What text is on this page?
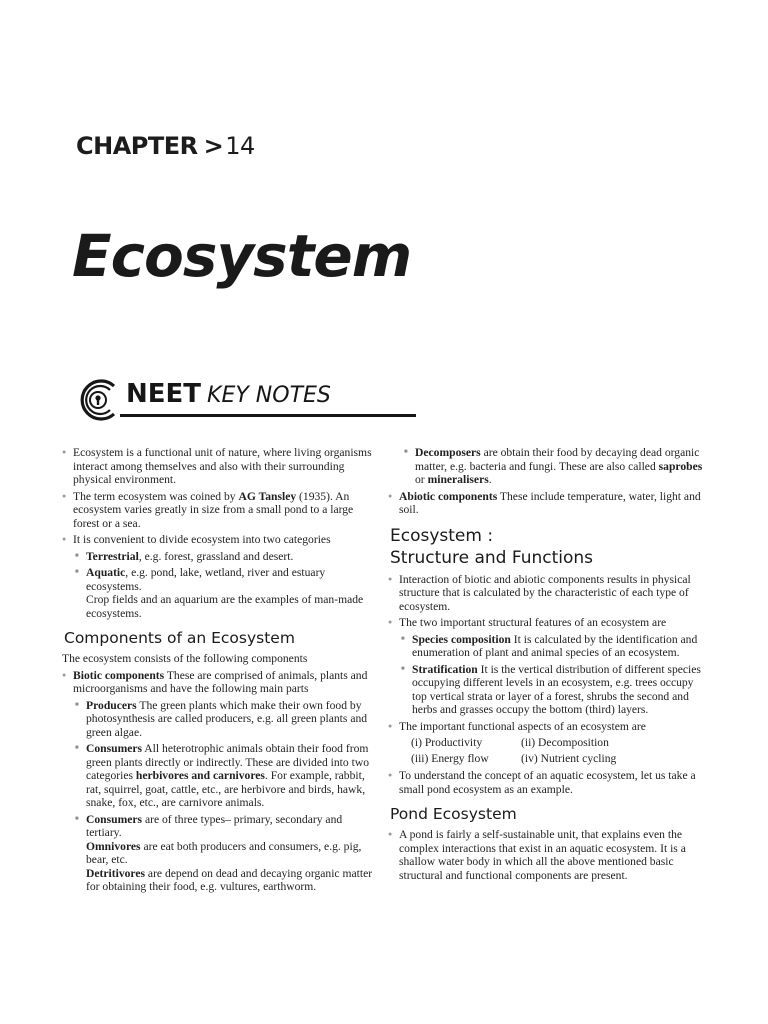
CHAPTER >14
Ecosystem
NEET KEY NOTES
● Ecosystem is a functional unit of nature, where living organisms interact among themselves and also with their surrounding physical environment.
● The term ecosystem was coined by AG Tansley (1935). An ecosystem varies greatly in size from a small pond to a large forest or a sea.
● It is convenient to divide ecosystem into two categories
■ Terrestrial, e.g. forest, grassland and desert.
■ Aquatic, e.g. pond, lake, wetland, river and estuary ecosystems.
Crop fields and an aquarium are the examples of man-made ecosystems.
Components of an Ecosystem
The ecosystem consists of the following components
● Biotic components These are comprised of animals, plants and microorganisms and have the following main parts
■ Producers The green plants which make their own food by photosynthesis are called producers, e.g. all green plants and green algae.
■ Consumers All heterotrophic animals obtain their food from green plants directly or indirectly. These are divided into two categories herbivores and carnivores. For example, rabbit, rat, squirrel, goat, cattle, etc., are herbivore and birds, hawk, snake, fox, etc., are carnivore animals.
■ Consumers are of three types– primary, secondary and tertiary.
Omnivores are eat both producers and consumers, e.g. pig, bear, etc.
Detritivores are depend on dead and decaying organic matter for obtaining their food, e.g. vultures, earthworm.
■ Decomposers are obtain their food by decaying dead organic matter, e.g. bacteria and fungi. These are also called saprobes or mineralisers.
● Abiotic components These include temperature, water, light and soil.
Ecosystem :
Structure and Functions
● Interaction of biotic and abiotic components results in physical structure that is calculated by the characteristic of each type of ecosystem.
● The two important structural features of an ecosystem are
■ Species composition It is calculated by the identification and enumeration of plant and animal species of an ecosystem.
■ Stratification It is the vertical distribution of different species occupying different levels in an ecosystem, e.g. trees occupy top vertical strata or layer of a forest, shrubs the second and herbs and grasses occupy the bottom (third) layers.
● The important functional aspects of an ecosystem are
(i) Productivity	(ii) Decomposition
(iii) Energy flow	(iv) Nutrient cycling
● To understand the concept of an aquatic ecosystem, let us take a small pond ecosystem as an example.
Pond Ecosystem
● A pond is fairly a self-sustainable unit, that explains even the complex interactions that exist in an aquatic ecosystem. It is a shallow water body in which all the above mentioned basic structural and functional components are present.
